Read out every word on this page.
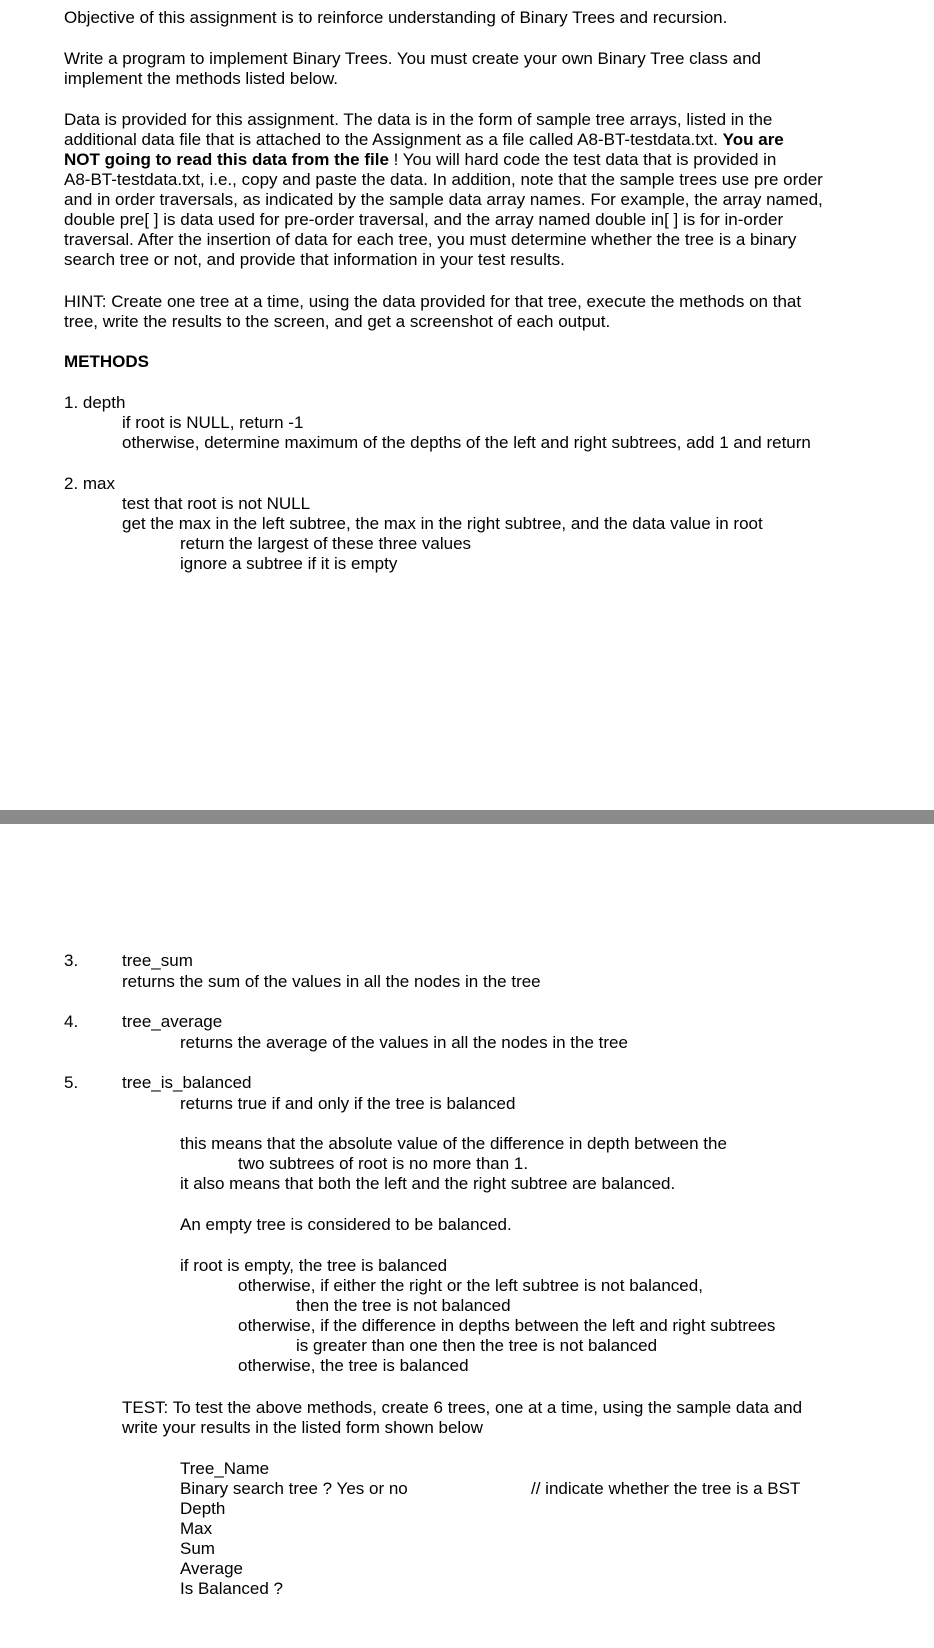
Objective of this assignment is to reinforce understanding of Binary Trees and recursion.
Write a program to implement Binary Trees. You must create your own Binary Tree class and
implement the methods listed below.
Data is provided for this assignment. The data is in the form of sample tree arrays, listed in the
additional data file that is attached to the Assignment as a file called A8-BT-testdata.txt. You are
NOT going to read this data from the file ! You will hard code the test data that is provided in
A8-BT-testdata.txt, i.e., copy and paste the data. In addition, note that the sample trees use pre order
and in order traversals, as indicated by the sample data array names. For example, the array named,
double pre[ ] is data used for pre-order traversal, and the array named double in[ ] is for in-order
traversal. After the insertion of data for each tree, you must determine whether the tree is a binary
search tree or not, and provide that information in your test results.
HINT: Create one tree at a time, using the data provided for that tree, execute the methods on that
tree, write the results to the screen, and get a screenshot of each output.
METHODS
1. depth
if root is NULL, return -1
otherwise, determine maximum of the depths of the left and right subtrees, add 1 and return
2. max
test that root is not NULL
get the max in the left subtree, the max in the right subtree, and the data value in root
return the largest of these three values
ignore a subtree if it is empty
3.	tree_sum
returns the sum of the values in all the nodes in the tree
4.	tree_average
returns the average of the values in all the nodes in the tree
5.	tree_is_balanced
returns true if and only if the tree is balanced
this means that the absolute value of the difference in depth between the
two subtrees of root is no more than 1.
it also means that both the left and the right subtree are balanced.
An empty tree is considered to be balanced.
if root is empty, the tree is balanced
otherwise, if either the right or the left subtree is not balanced,
then the tree is not balanced
otherwise, if the difference in depths between the left and right subtrees
is greater than one then the tree is not balanced
otherwise, the tree is balanced
TEST: To test the above methods, create 6 trees, one at a time, using the sample data and
write your results in the listed form shown below
Tree_Name
Binary search tree ? Yes or no	// indicate whether the tree is a BST
Depth
Max
Sum
Average
Is Balanced ?
